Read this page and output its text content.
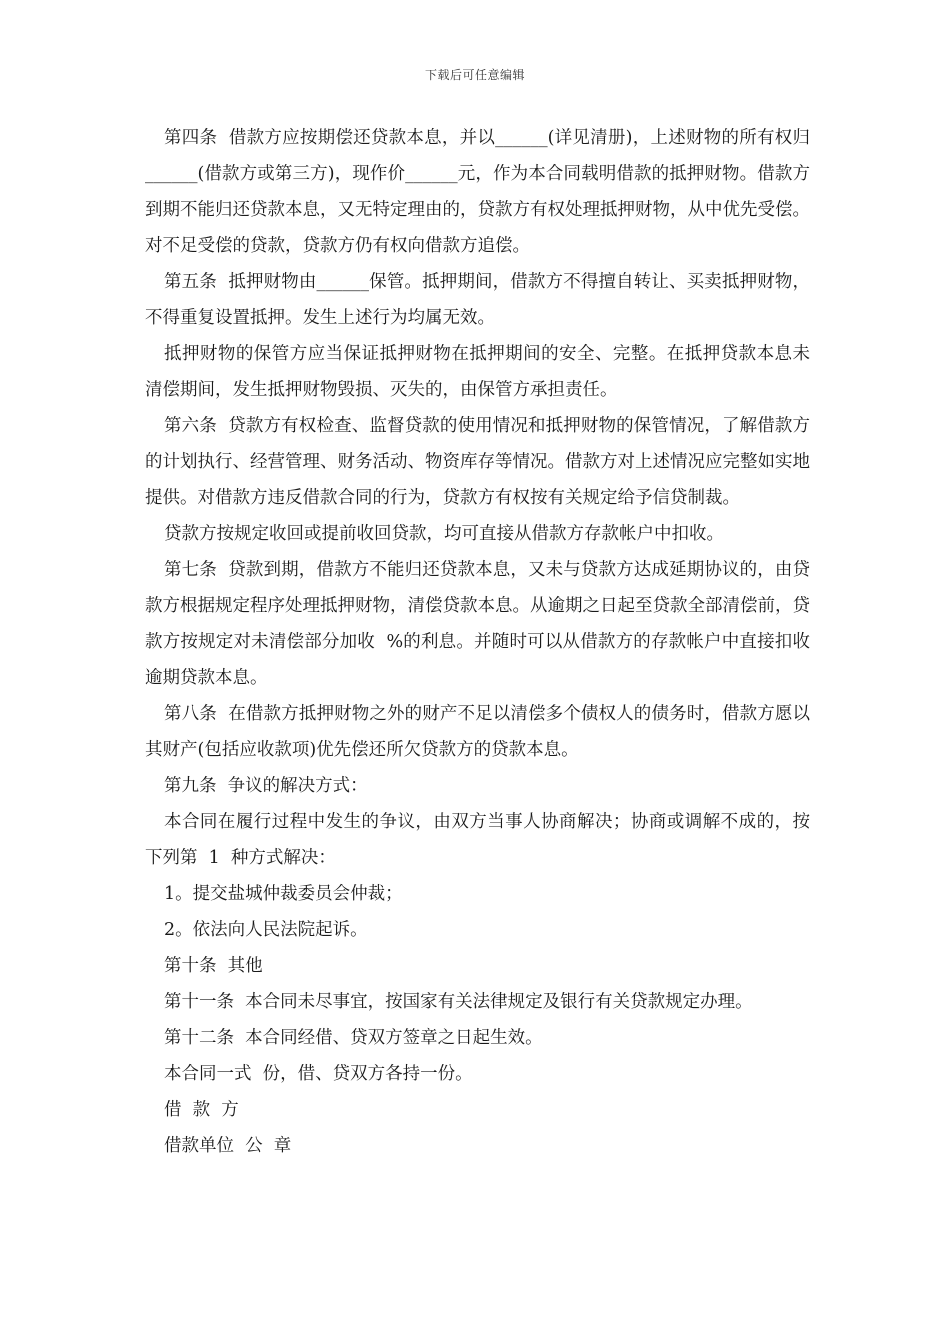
下载后可任意编辑

第四条  借款方应按期偿还贷款本息，并以______(详见清册)，上述财物的所有权归______(借款方或第三方)，现作价______元，作为本合同载明借款的抵押财物。借款方到期不能归还贷款本息，又无特定理由的，贷款方有权处理抵押财物，从中优先受偿。对不足受偿的贷款，贷款方仍有权向借款方追偿。

第五条  抵押财物由______保管。抵押期间，借款方不得擅自转让、买卖抵押财物，不得重复设置抵押。发生上述行为均属无效。

抵押财物的保管方应当保证抵押财物在抵押期间的安全、完整。在抵押贷款本息未清偿期间，发生抵押财物毁损、灭失的，由保管方承担责任。

第六条  贷款方有权检查、监督贷款的使用情况和抵押财物的保管情况，了解借款方的计划执行、经营管理、财务活动、物资库存等情况。借款方对上述情况应完整如实地提供。对借款方违反借款合同的行为，贷款方有权按有关规定给予信贷制裁。

贷款方按规定收回或提前收回贷款，均可直接从借款方存款帐户中扣收。

第七条  贷款到期，借款方不能归还贷款本息，又未与贷款方达成延期协议的，由贷款方根据规定程序处理抵押财物，清偿贷款本息。从逾期之日起至贷款全部清偿前，贷款方按规定对未清偿部分加收  %的利息。并随时可以从借款方的存款帐户中直接扣收逾期贷款本息。

第八条  在借款方抵押财物之外的财产不足以清偿多个债权人的债务时，借款方愿以其财产(包括应收款项)优先偿还所欠贷款方的贷款本息。

第九条  争议的解决方式：

本合同在履行过程中发生的争议，由双方当事人协商解决；协商或调解不成的，按下列第  1  种方式解决：

1。提交盐城仲裁委员会仲裁；

2。依法向人民法院起诉。

第十条  其他

第十一条  本合同未尽事宜，按国家有关法律规定及银行有关贷款规定办理。

第十二条  本合同经借、贷双方签章之日起生效。

本合同一式  份，借、贷双方各持一份。

借  款  方

借款单位  公  章
